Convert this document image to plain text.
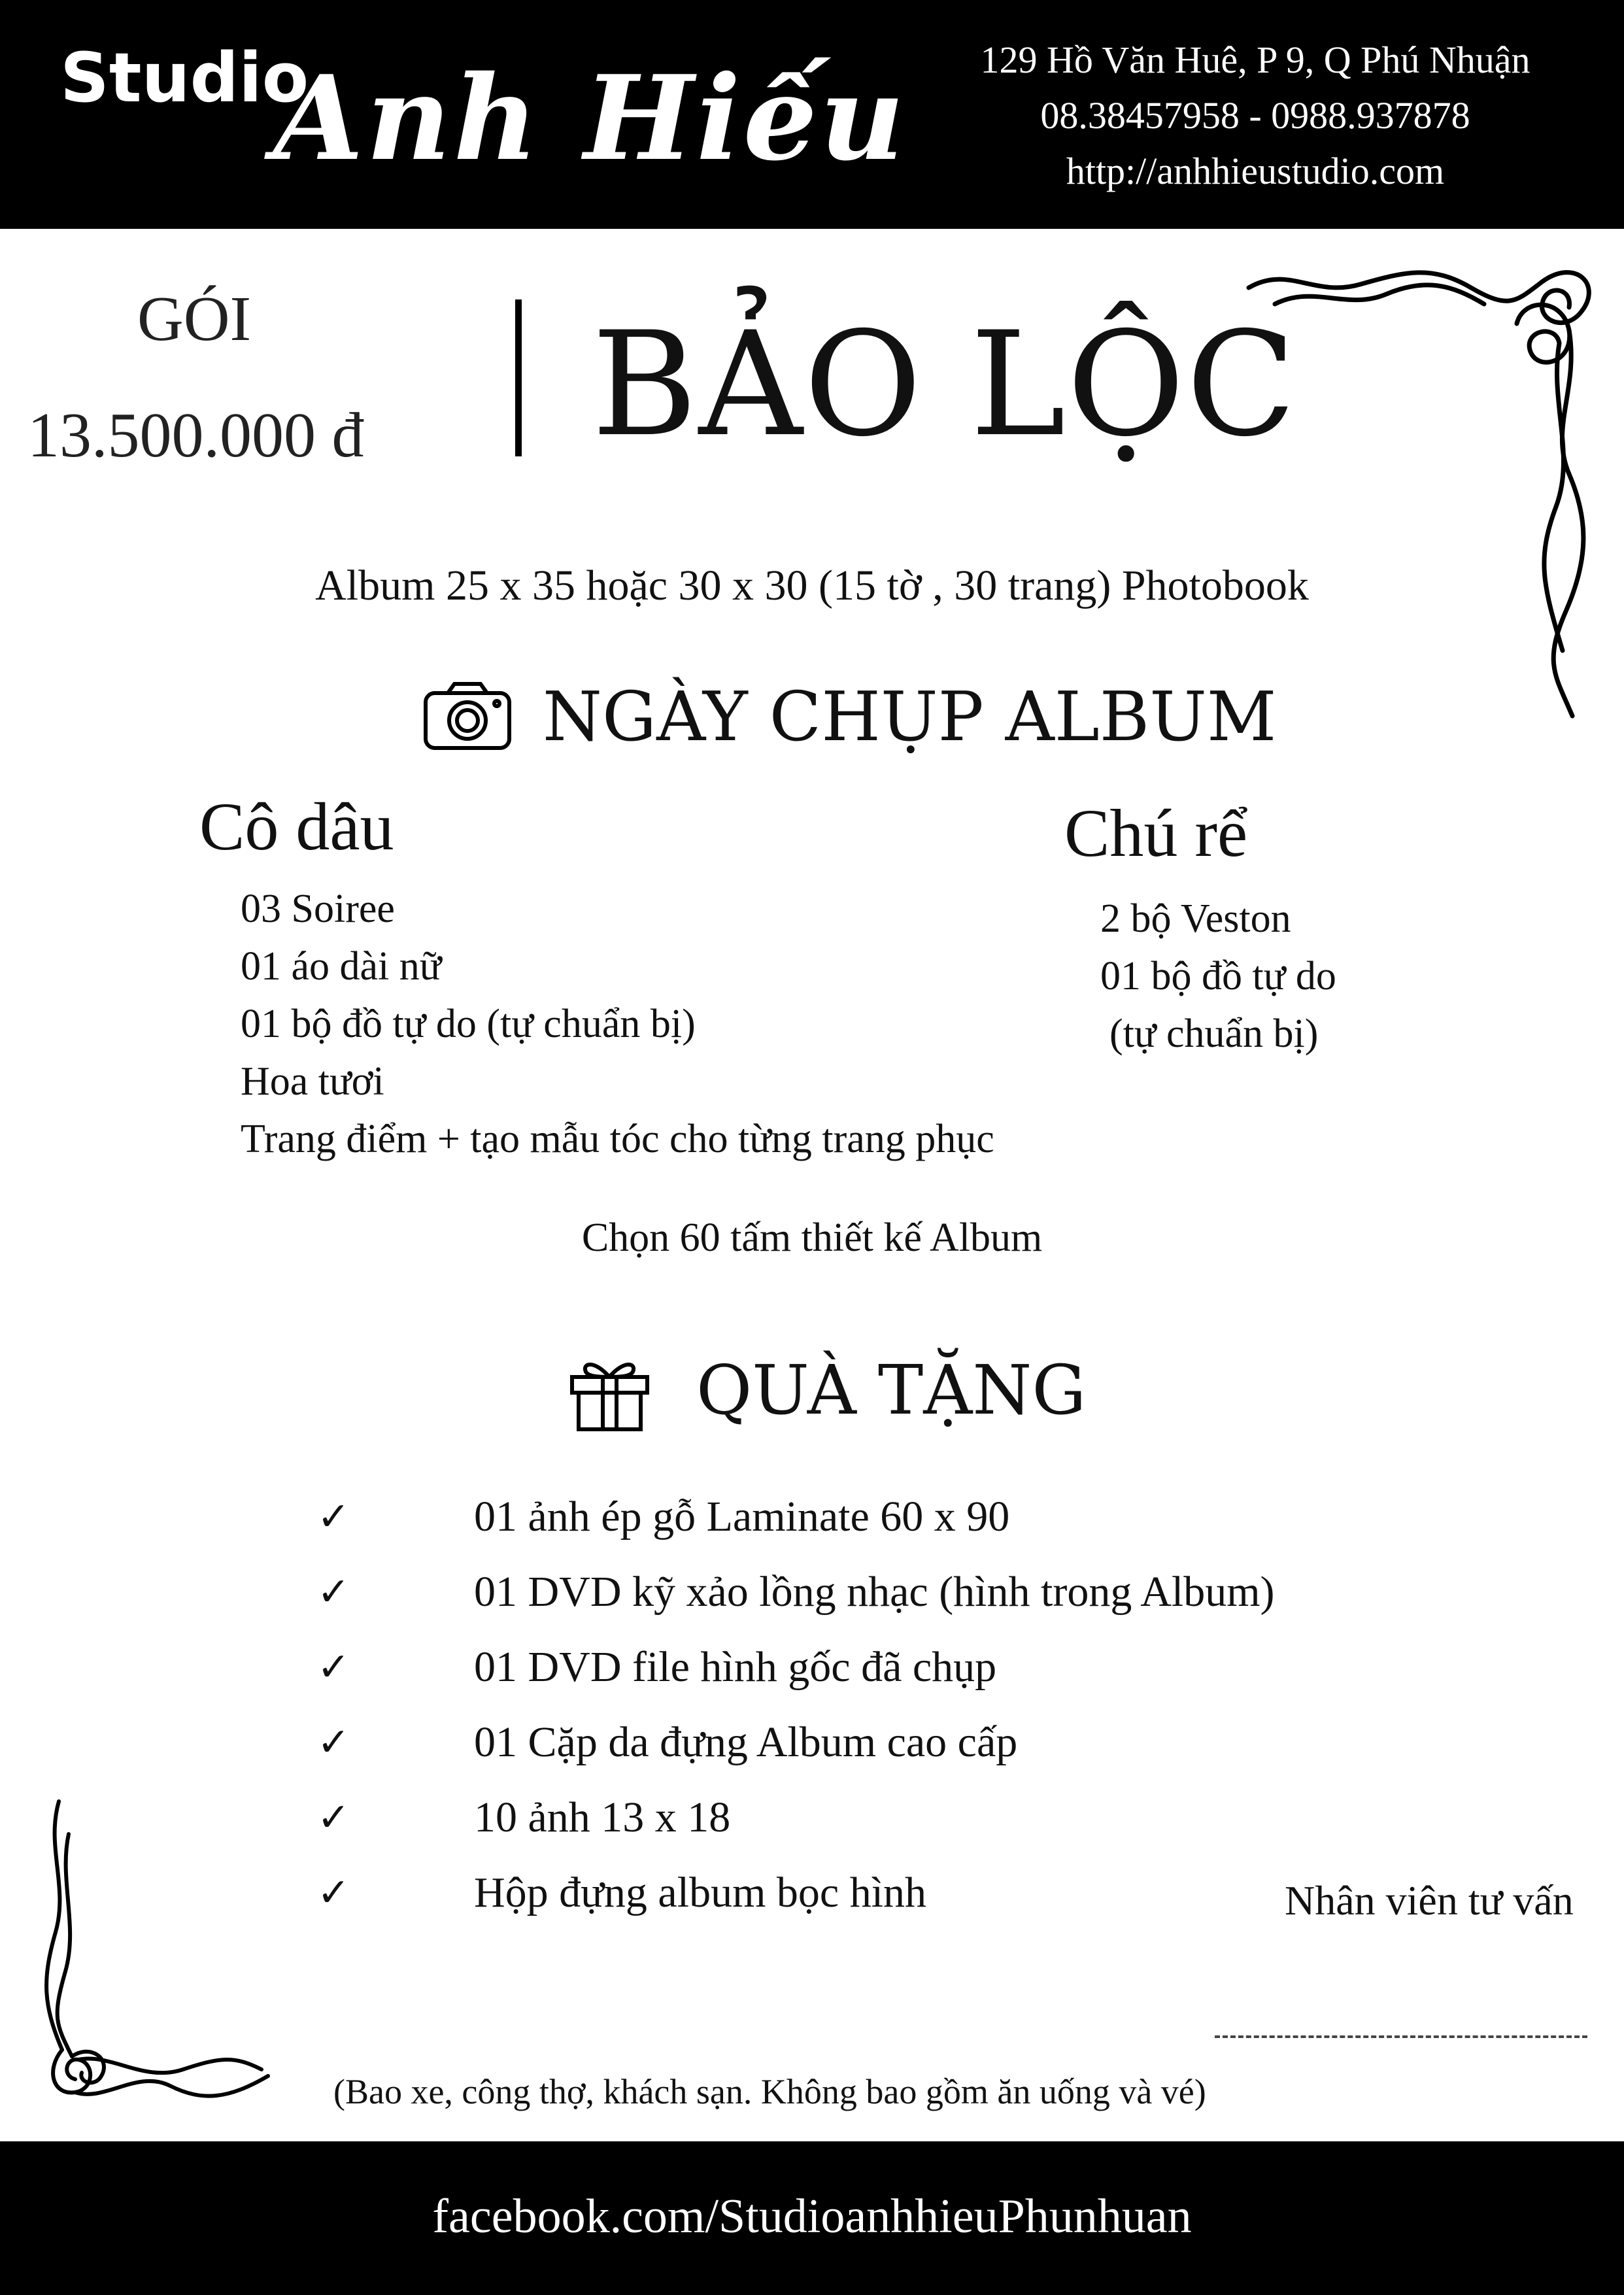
Studio
Anh Hiếu	129 Hồ Văn Huê, P 9, Q Phú Nhuận
08.38457958 - 0988.937878
http://anhhieustudio.com
GÓI
13.500.000 đ BẢO LỘC
Album 25 x 35 hoặc 30 x 30 (15 tờ , 30 trang) Photobook
NGÀY CHỤP ALBUM
Cô dâu
03 Soiree
01 áo dài nữ
01 bộ đồ tự do (tự chuẩn bị)
Hoa tươi
Trang điểm + tạo mẫu tóc cho từng trang phục
Chú rể
2 bộ Veston
01 bộ đồ tự do
(tự chuẩn bị)
Chọn 60 tấm thiết kế Album
QUÀ TẶNG
✓	01 ảnh ép gỗ Laminate 60 x 90
✓	01 DVD kỹ xảo lồng nhạc (hình trong Album)
✓	01 DVD file hình gốc đã chụp
✓	01 Cặp da đựng Album cao cấp
✓	10 ảnh 13 x 18
✓	Hộp đựng album bọc hình	Nhân viên tư vấn
(Bao xe, công thợ, khách sạn. Không bao gồm ăn uống và vé)
facebook.com/StudioanhhieuPhunhuan
